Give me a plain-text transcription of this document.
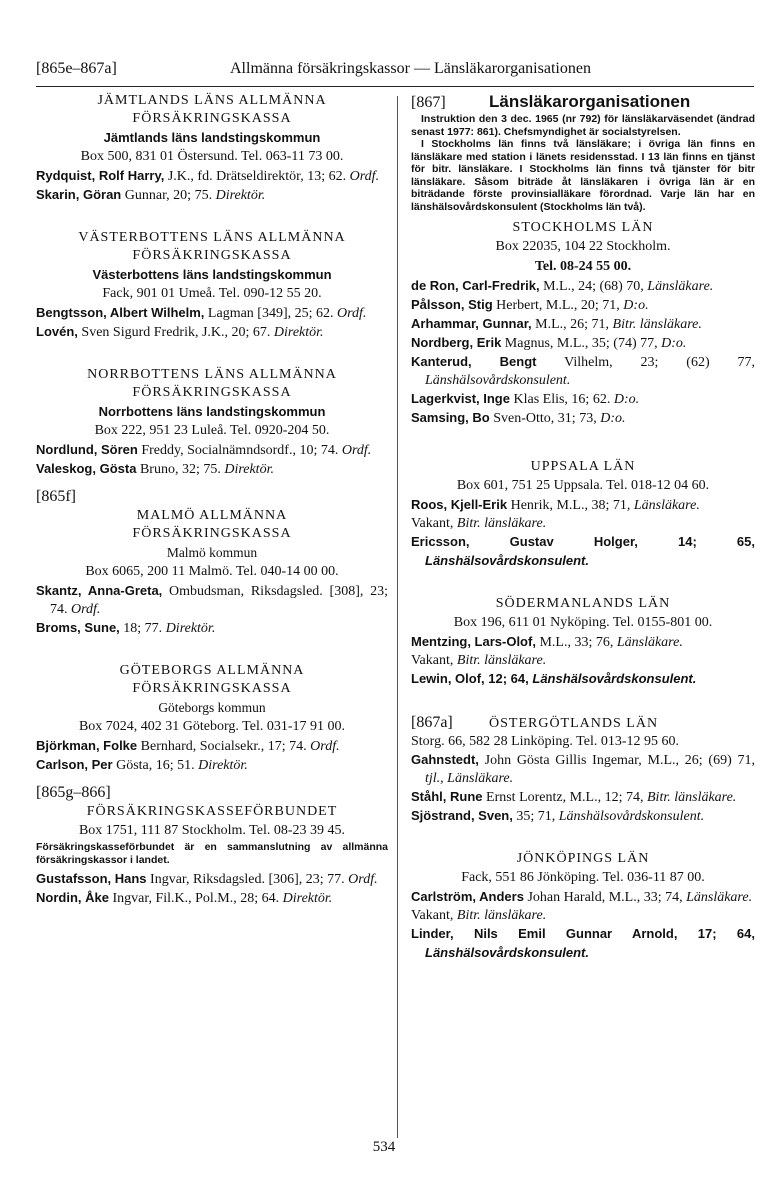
[865e–867a]	Allmänna försäkringskassor — Länsläkarorganisationen
JÄMTLANDS LÄNS ALLMÄNNA
FÖRSÄKRINGSKASSA
Jämtlands läns landstingskommun
Box 500, 831 01 Östersund. Tel. 063-11 73 00.
Rydquist, Rolf Harry, J.K., fd. Drätseldirektör, 13; 62. Ordf.
Skarin, Göran Gunnar, 20; 75. Direktör.
VÄSTERBOTTENS LÄNS ALLMÄNNA
FÖRSÄKRINGSKASSA
Västerbottens läns landstingskommun
Fack, 901 01 Umeå. Tel. 090-12 55 20.
Bengtsson, Albert Wilhelm, Lagman [349], 25; 62. Ordf.
Lovén, Sven Sigurd Fredrik, J.K., 20; 67. Direktör.
NORRBOTTENS LÄNS ALLMÄNNA
FÖRSÄKRINGSKASSA
Norrbottens läns landstingskommun
Box 222, 951 23 Luleå. Tel. 0920-204 50.
Nordlund, Sören Freddy, Socialnämndsordf., 10; 74. Ordf.
Valeskog, Gösta Bruno, 32; 75. Direktör.
[865f]
MALMÖ ALLMÄNNA
FÖRSÄKRINGSKASSA
Malmö kommun
Box 6065, 200 11 Malmö. Tel. 040-14 00 00.
Skantz, Anna-Greta, Ombudsman, Riksdagsled. [308], 23; 74. Ordf.
Broms, Sune, 18; 77. Direktör.
GÖTEBORGS ALLMÄNNA
FÖRSÄKRINGSKASSA
Göteborgs kommun
Box 7024, 402 31 Göteborg. Tel. 031-17 91 00.
Björkman, Folke Bernhard, Socialsekr., 17; 74. Ordf.
Carlson, Per Gösta, 16; 51. Direktör.
[865g–866]
FÖRSÄKRINGSKASSEFÖRBUNDET
Box 1751, 111 87 Stockholm. Tel. 08-23 39 45.
Försäkringskasseförbundet är en sammanslutning av allmänna försäkringskassor i landet.
Gustafsson, Hans Ingvar, Riksdagsled. [306], 23; 77. Ordf.
Nordin, Åke Ingvar, Fil.K., Pol.M., 28; 64. Direktör.
[867]	Länsläkarorganisationen
Instruktion den 3 dec. 1965 (nr 792) för länsläkarväsendet (ändrad senast 1977: 861). Chefsmyndighet är socialstyrelsen.
I Stockholms län finns två länsläkare; i övriga län finns en länsläkare med station i länets residensstad. I 13 län finns en tjänst för bitr. länsläkare. I Stockholms län finns två tjänster för bitr länsläkare. Såsom biträde åt länsläkaren i övriga län är en biträdande förste provinsialläkare förordnad. Varje län har en länshälsovårdskonsulent (Stockholms län två).
STOCKHOLMS LÄN
Box 22035, 104 22 Stockholm.
Tel. 08-24 55 00.
de Ron, Carl-Fredrik, M.L., 24; (68) 70, Länsläkare.
Pålsson, Stig Herbert, M.L., 20; 71, D:o.
Arhammar, Gunnar, M.L., 26; 71, Bitr. länsläkare.
Nordberg, Erik Magnus, M.L., 35; (74) 77, D:o.
Kanterud, Bengt Vilhelm, 23; (62) 77, Länshälsovårdskonsulent.
Lagerkvist, Inge Klas Elis, 16; 62. D:o.
Samsing, Bo Sven-Otto, 31; 73, D:o.
UPPSALA LÄN
Box 601, 751 25 Uppsala. Tel. 018-12 04 60.
Roos, Kjell-Erik Henrik, M.L., 38; 71, Länsläkare.
Vakant, Bitr. länsläkare.
Ericsson, Gustav Holger, 14; 65, Länshälsovårdskonsulent.
SÖDERMANLANDS LÄN
Box 196, 611 01 Nyköping. Tel. 0155-801 00.
Mentzing, Lars-Olof, M.L., 33; 76, Länsläkare.
Vakant, Bitr. länsläkare.
Lewin, Olof, 12; 64, Länshälsovårdskonsulent.
[867a]	ÖSTERGÖTLANDS LÄN
Storg. 66, 582 28 Linköping. Tel. 013-12 95 60.
Gahnstedt, John Gösta Gillis Ingemar, M.L., 26; (69) 71, tjl., Länsläkare.
Ståhl, Rune Ernst Lorentz, M.L., 12; 74, Bitr. länsläkare.
Sjöstrand, Sven, 35; 71, Länshälsovårdskonsulent.
JÖNKÖPINGS LÄN
Fack, 551 86 Jönköping. Tel. 036-11 87 00.
Carlström, Anders Johan Harald, M.L., 33; 74, Länsläkare.
Vakant, Bitr. länsläkare.
Linder, Nils Emil Gunnar Arnold, 17; 64, Länshälsovårdskonsulent.
534
